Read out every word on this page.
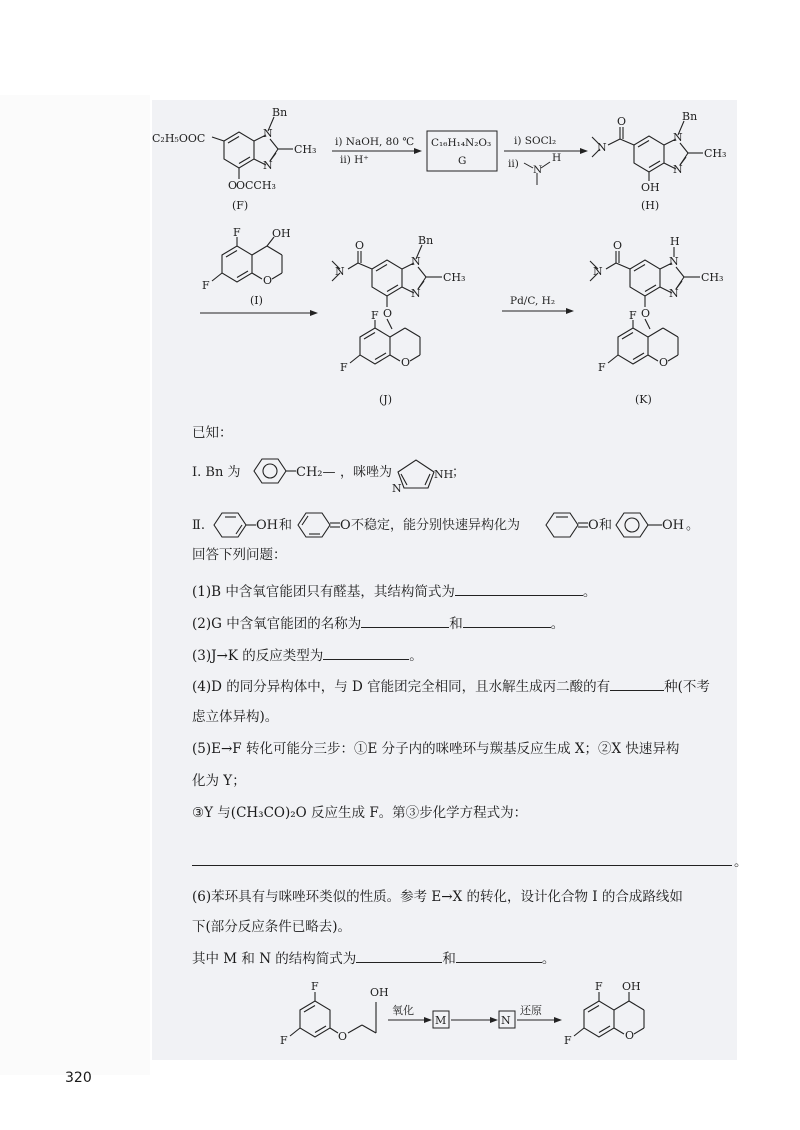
C₂H₅OOC	N
N
Bn
CH₃
O
OCCH₃
(F)
i) NaOH, 80 ℃
ii) H⁺
C₁₆H₁₄N₂O₃
G
i) SOCl₂
ii) N
H
O
N
N
N
Bn
CH₃
OH
(H)
F
F
OH
O
(I)
O
N
N
N
Bn
CH₃
O
F
F	O
(J)
Pd/C, H₂
O
N
N
N
H
CH₃
O
F
F	O
(K)
已知：
Ⅰ. Bn 为	CH₂— ，咪唑为
N
NH
；
Ⅱ.	OH 和	O 不稳定，能分别快速异构化为	O 和	OH 。
回答下列问题：
(1)B 中含氧官能团只有醛基，其结构简式为	。
(2)G 中含氧官能团的名称为	和	。
(3)J→K 的反应类型为	。
(4)D 的同分异构体中，与 D 官能团完全相同，且水解生成丙二酸的有	种(不考
虑立体异构)。
(5)E→F 转化可能分三步：①E 分子内的咪唑环与羰基反应生成 X；②X 快速异构
化为 Y；
③Y 与(CH₃CO)₂O 反应生成 F。第③步化学方程式为：
。
(6)苯环具有与咪唑环类似的性质。参考 E→X 的转化，设计化合物 I 的合成路线如
下(部分反应条件已略去)。
其中 M 和 N 的结构简式为	和	。
F
F	O
OH
氧化
M	N
还原
F
F
OH
O
320
